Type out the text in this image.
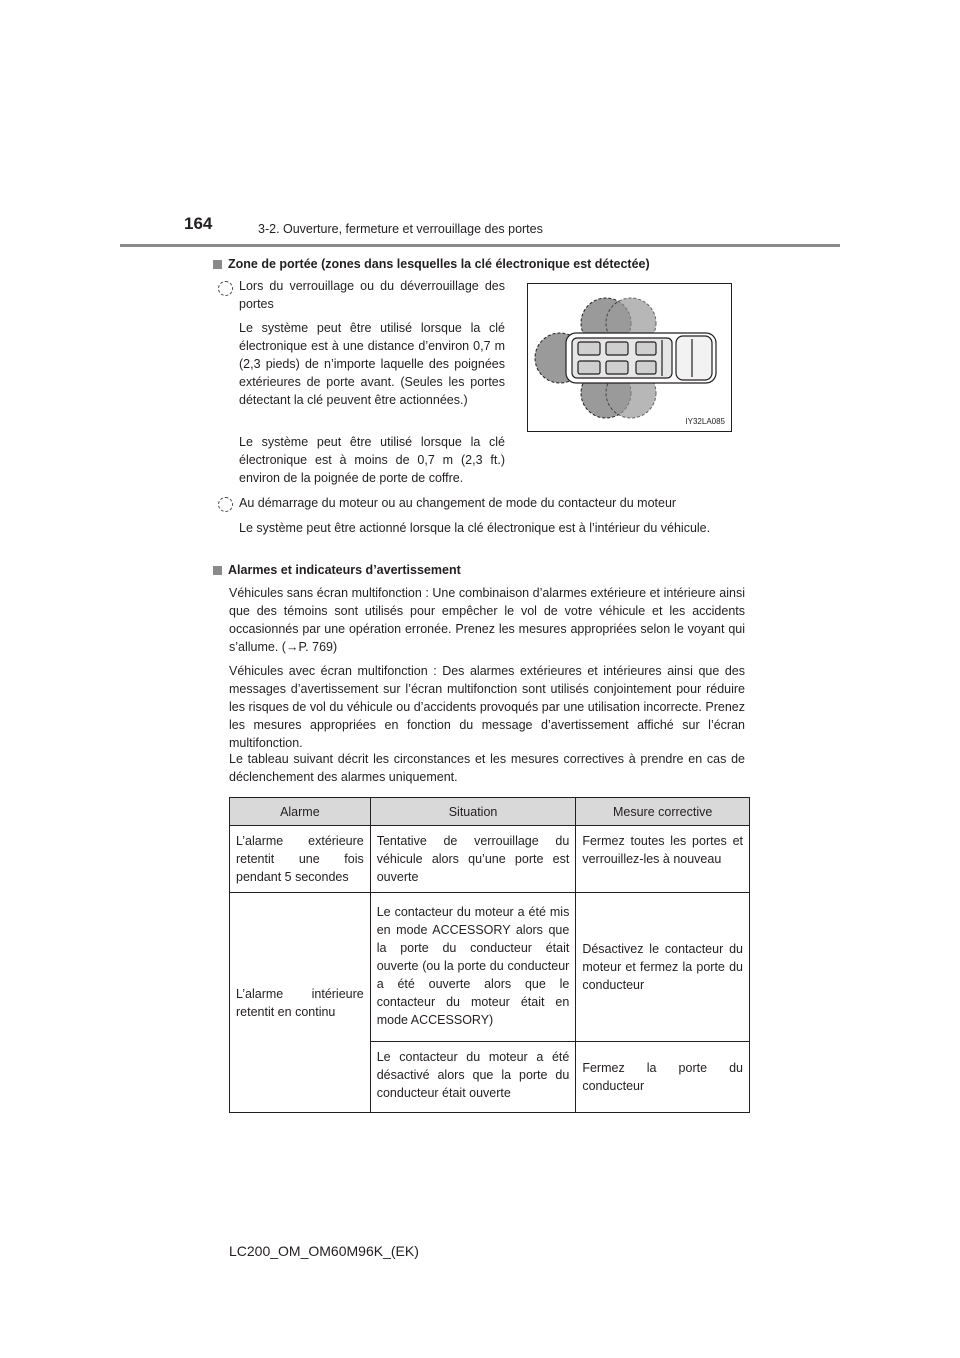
164	3-2. Ouverture, fermeture et verrouillage des portes
Zone de portée (zones dans lesquelles la clé électronique est détectée)

Lors du verrouillage ou du déverrouillage des portes

Le système peut être utilisé lorsque la clé électronique est à une distance d’environ 0,7 m (2,3 pieds) de n’importe laquelle des poignées extérieures de porte avant. (Seules les portes détectant la clé peuvent être actionnées.)

Le système peut être utilisé lorsque la clé électronique est à moins de 0,7 m (2,3 ft.) environ de la poignée de porte de coffre.

IY32LA085

Au démarrage du moteur ou au changement de mode du contacteur du moteur

Le système peut être actionné lorsque la clé électronique est à l’intérieur du véhicule.

Alarmes et indicateurs d’avertissement

Véhicules sans écran multifonction : Une combinaison d’alarmes extérieure et intérieure ainsi que des témoins sont utilisés pour empêcher le vol de votre véhicule et les accidents occasionnés par une opération erronée. Prenez les mesures appropriées selon le voyant qui s’allume. (→P. 769)

Véhicules avec écran multifonction : Des alarmes extérieures et intérieures ainsi que des messages d’avertissement sur l’écran multifonction sont utilisés conjointement pour réduire les risques de vol du véhicule ou d’accidents provoqués par une utilisation incorrecte. Prenez les mesures appropriées en fonction du message d’avertissement affiché sur l’écran multifonction.

Le tableau suivant décrit les circonstances et les mesures correctives à prendre en cas de déclenchement des alarmes uniquement.

Alarme	Situation	Mesure corrective
L’alarme extérieure retentit une fois pendant 5 secondes	Tentative de verrouillage du véhicule alors qu’une porte est ouverte	Fermez toutes les portes et verrouillez-les à nouveau
L’alarme intérieure retentit en continu	Le contacteur du moteur a été mis en mode ACCESSORY alors que la porte du conducteur était ouverte (ou la porte du conducteur a été ouverte alors que le contacteur du moteur était en mode ACCESSORY)	Désactivez le contacteur du moteur et fermez la porte du conducteur
	Le contacteur du moteur a été désactivé alors que la porte du conducteur était ouverte	Fermez la porte du conducteur
LC200_OM_OM60M96K_(EK)
